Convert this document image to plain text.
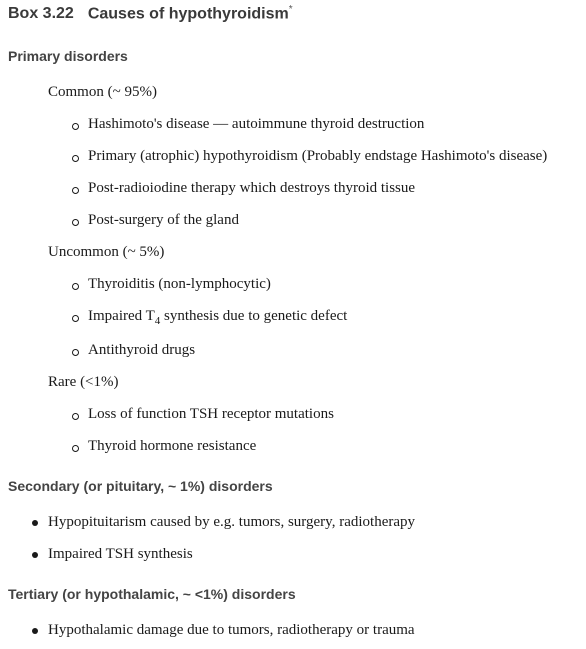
Box 3.22 Causes of hypothyroidism*
Primary disorders
Common (~ 95%)
Hashimoto's disease — autoimmune thyroid destruction
Primary (atrophic) hypothyroidism (Probably endstage Hashimoto's disease)
Post-radioiodine therapy which destroys thyroid tissue
Post-surgery of the gland
Uncommon (~ 5%)
Thyroiditis (non-lymphocytic)
Impaired $T_4$ synthesis due to genetic defect
Antithyroid drugs
Rare (<1%)
Loss of function TSH receptor mutations
Thyroid hormone resistance
Secondary (or pituitary, ~ 1%) disorders
Hypopituitarism caused by e.g. tumors, surgery, radiotherapy
Impaired TSH synthesis
Tertiary (or hypothalamic, ~ <1%) disorders
Hypothalamic damage due to tumors, radiotherapy or trauma
